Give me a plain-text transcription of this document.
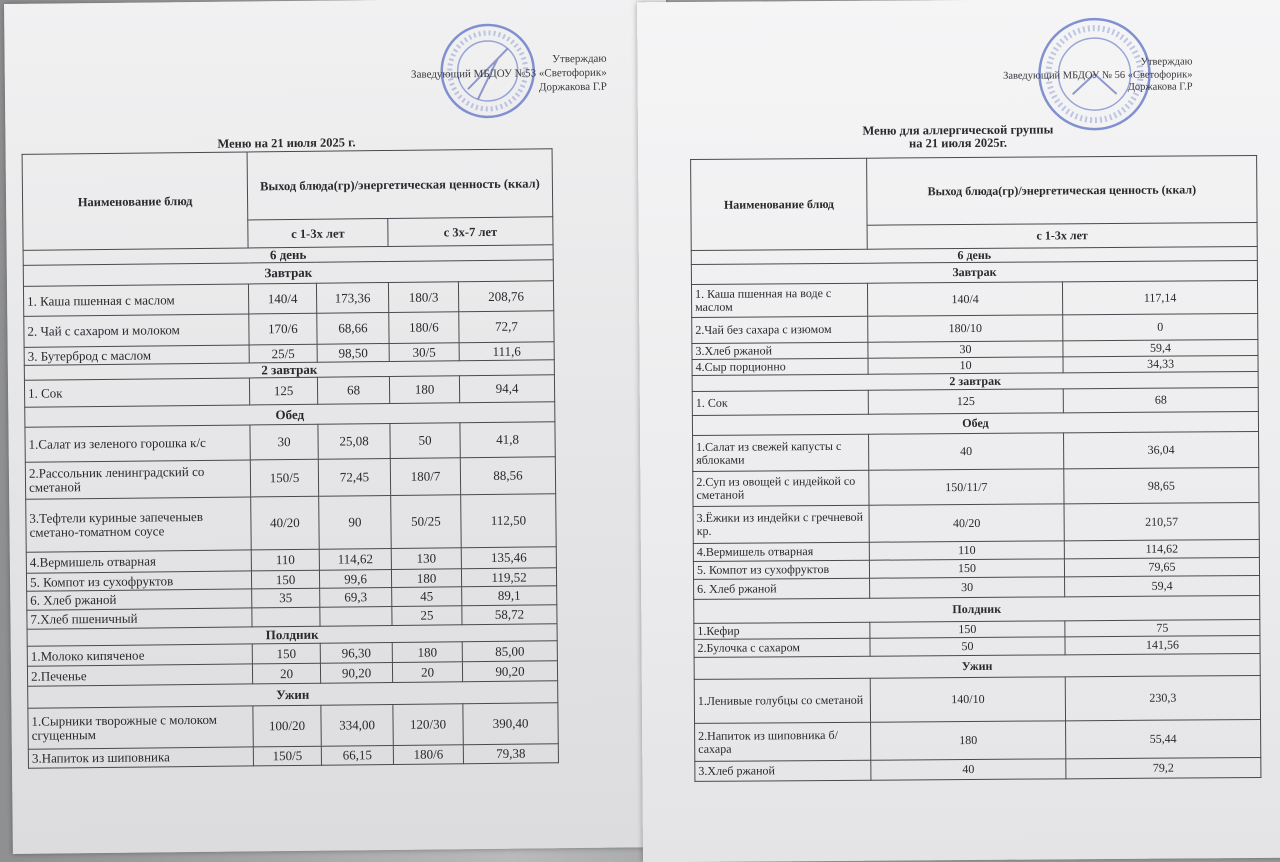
Утверждаю
Заведующий МБДОУ №53 «Светофорик»
Доржакова Г.Р
Меню на 21 июля 2025 г.
Наименование блюд	Выход блюда(гр)/энергетическая ценность (ккал)			
	с 1-3х лет		с 3х-7 лет	
6 день				
Завтрак				
1. Каша пшенная с маслом	140/4	173,36	180/3	208,76
2. Чай с сахаром и молоком	170/6	68,66	180/6	72,7
3. Бутерброд с маслом	25/5	98,50	30/5	111,6
2 завтрак				
1. Сок	125	68	180	94,4
Обед				
1.Салат из зеленого горошка к/с	30	25,08	50	41,8
2.Рассольник ленинградский со сметаной	150/5	72,45	180/7	88,56
3.Тефтели куриные запеченыев сметано-томатном соусе	40/20	90	50/25	112,50
4.Вермишель отварная	110	114,62	130	135,46
5. Компот из сухофруктов	150	99,6	180	119,52
6. Хлеб ржаной	35	69,3	45	89,1
7.Хлеб пшеничный			25	58,72
Полдник				
1.Молоко кипяченое	150	96,30	180	85,00
2.Печенье	20	90,20	20	90,20
Ужин				
1.Сырники творожные с молоком сгущенным	100/20	334,00	120/30	390,40
3.Напиток из шиповника	150/5	66,15	180/6	79,38
Утверждаю
Заведующий МБДОУ № 56 «Светофорик»
Доржакова Г.Р
Меню для аллергической группы
на 21 июля 2025г.
Наименование блюд	Выход блюда(гр)/энергетическая ценность (ккал)	
	с 1-3х лет	
6 день		
Завтрак		
1. Каша пшенная на воде с маслом	140/4	117,14
2.Чай без сахара с изюмом	180/10	0
3.Хлеб ржаной	30	59,4
4.Сыр порционно	10	34,33
2 завтрак		
1. Сок	125	68
Обед		
1.Салат из свежей капусты с яблоками	40	36,04
2.Суп из овощей с индейкой со сметаной	150/11/7	98,65
3.Ёжики из индейки с гречневой кр.	40/20	210,57
4.Вермишель отварная	110	114,62
5. Компот из сухофруктов	150	79,65
6. Хлеб ржаной	30	59,4
Полдник		
1.Кефир	150	75
2.Булочка с сахаром	50	141,56
Ужин		
1.Ленивые голубцы со сметаной	140/10	230,3
2.Напиток из шиповника б/сахара	180	55,44
3.Хлеб ржаной	40	79,2
